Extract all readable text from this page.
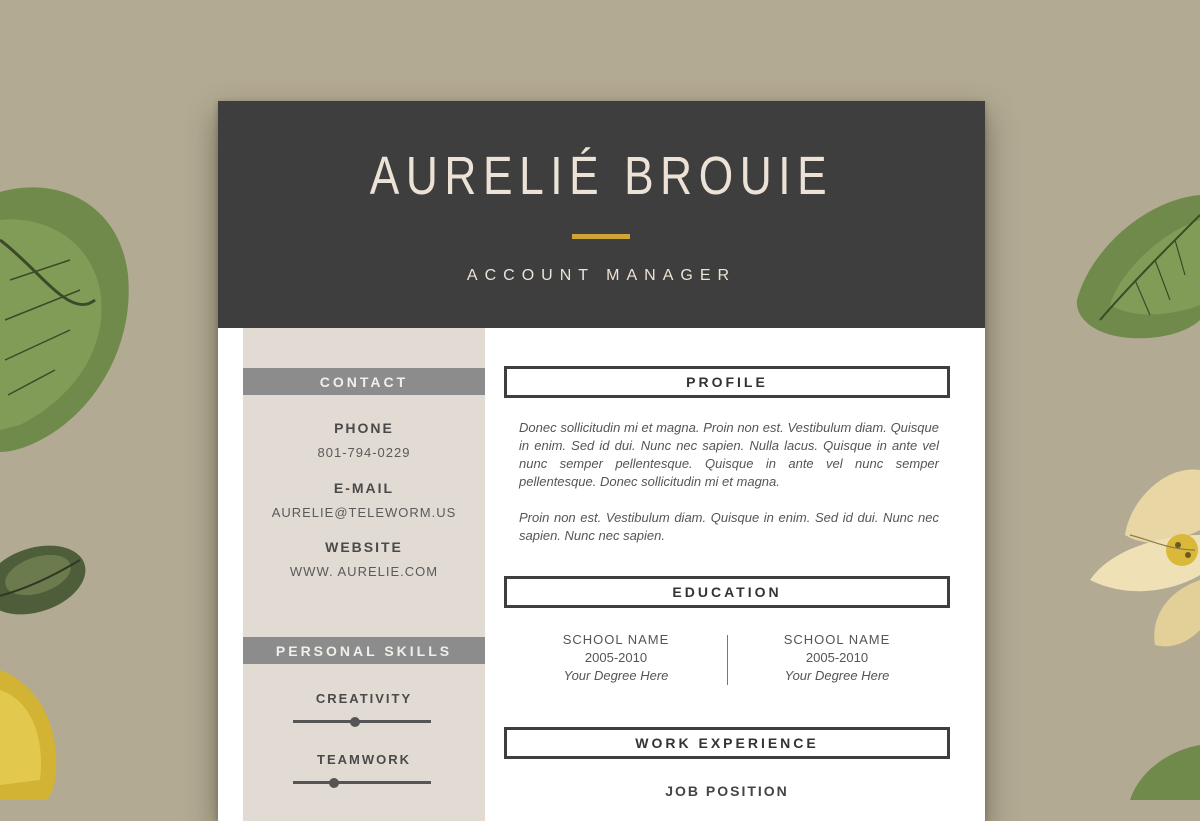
AURELIÉ BROUIE
ACCOUNT MANAGER
CONTACT
PHONE
801-794-0229
E-MAIL
AURELIE@TELEWORM.US
WEBSITE
WWW. AURELIE.COM
PERSONAL SKILLS
CREATIVITY
TEAMWORK
PROFILE
Donec sollicitudin mi et magna. Proin non est. Vestibulum diam. Quisque in enim. Sed id dui. Nunc nec sapien. Nulla lacus. Quisque in ante vel nunc semper pellentesque. Quisque in ante vel nunc semper pellentesque. Donec sollicitudin mi et magna.
Proin non est. Vestibulum diam. Quisque in enim. Sed id dui. Nunc nec sapien. Nunc nec sapien.
EDUCATION
SCHOOL NAME
2005-2010
Your Degree Here
SCHOOL NAME
2005-2010
Your Degree Here
WORK EXPERIENCE
JOB POSITION
